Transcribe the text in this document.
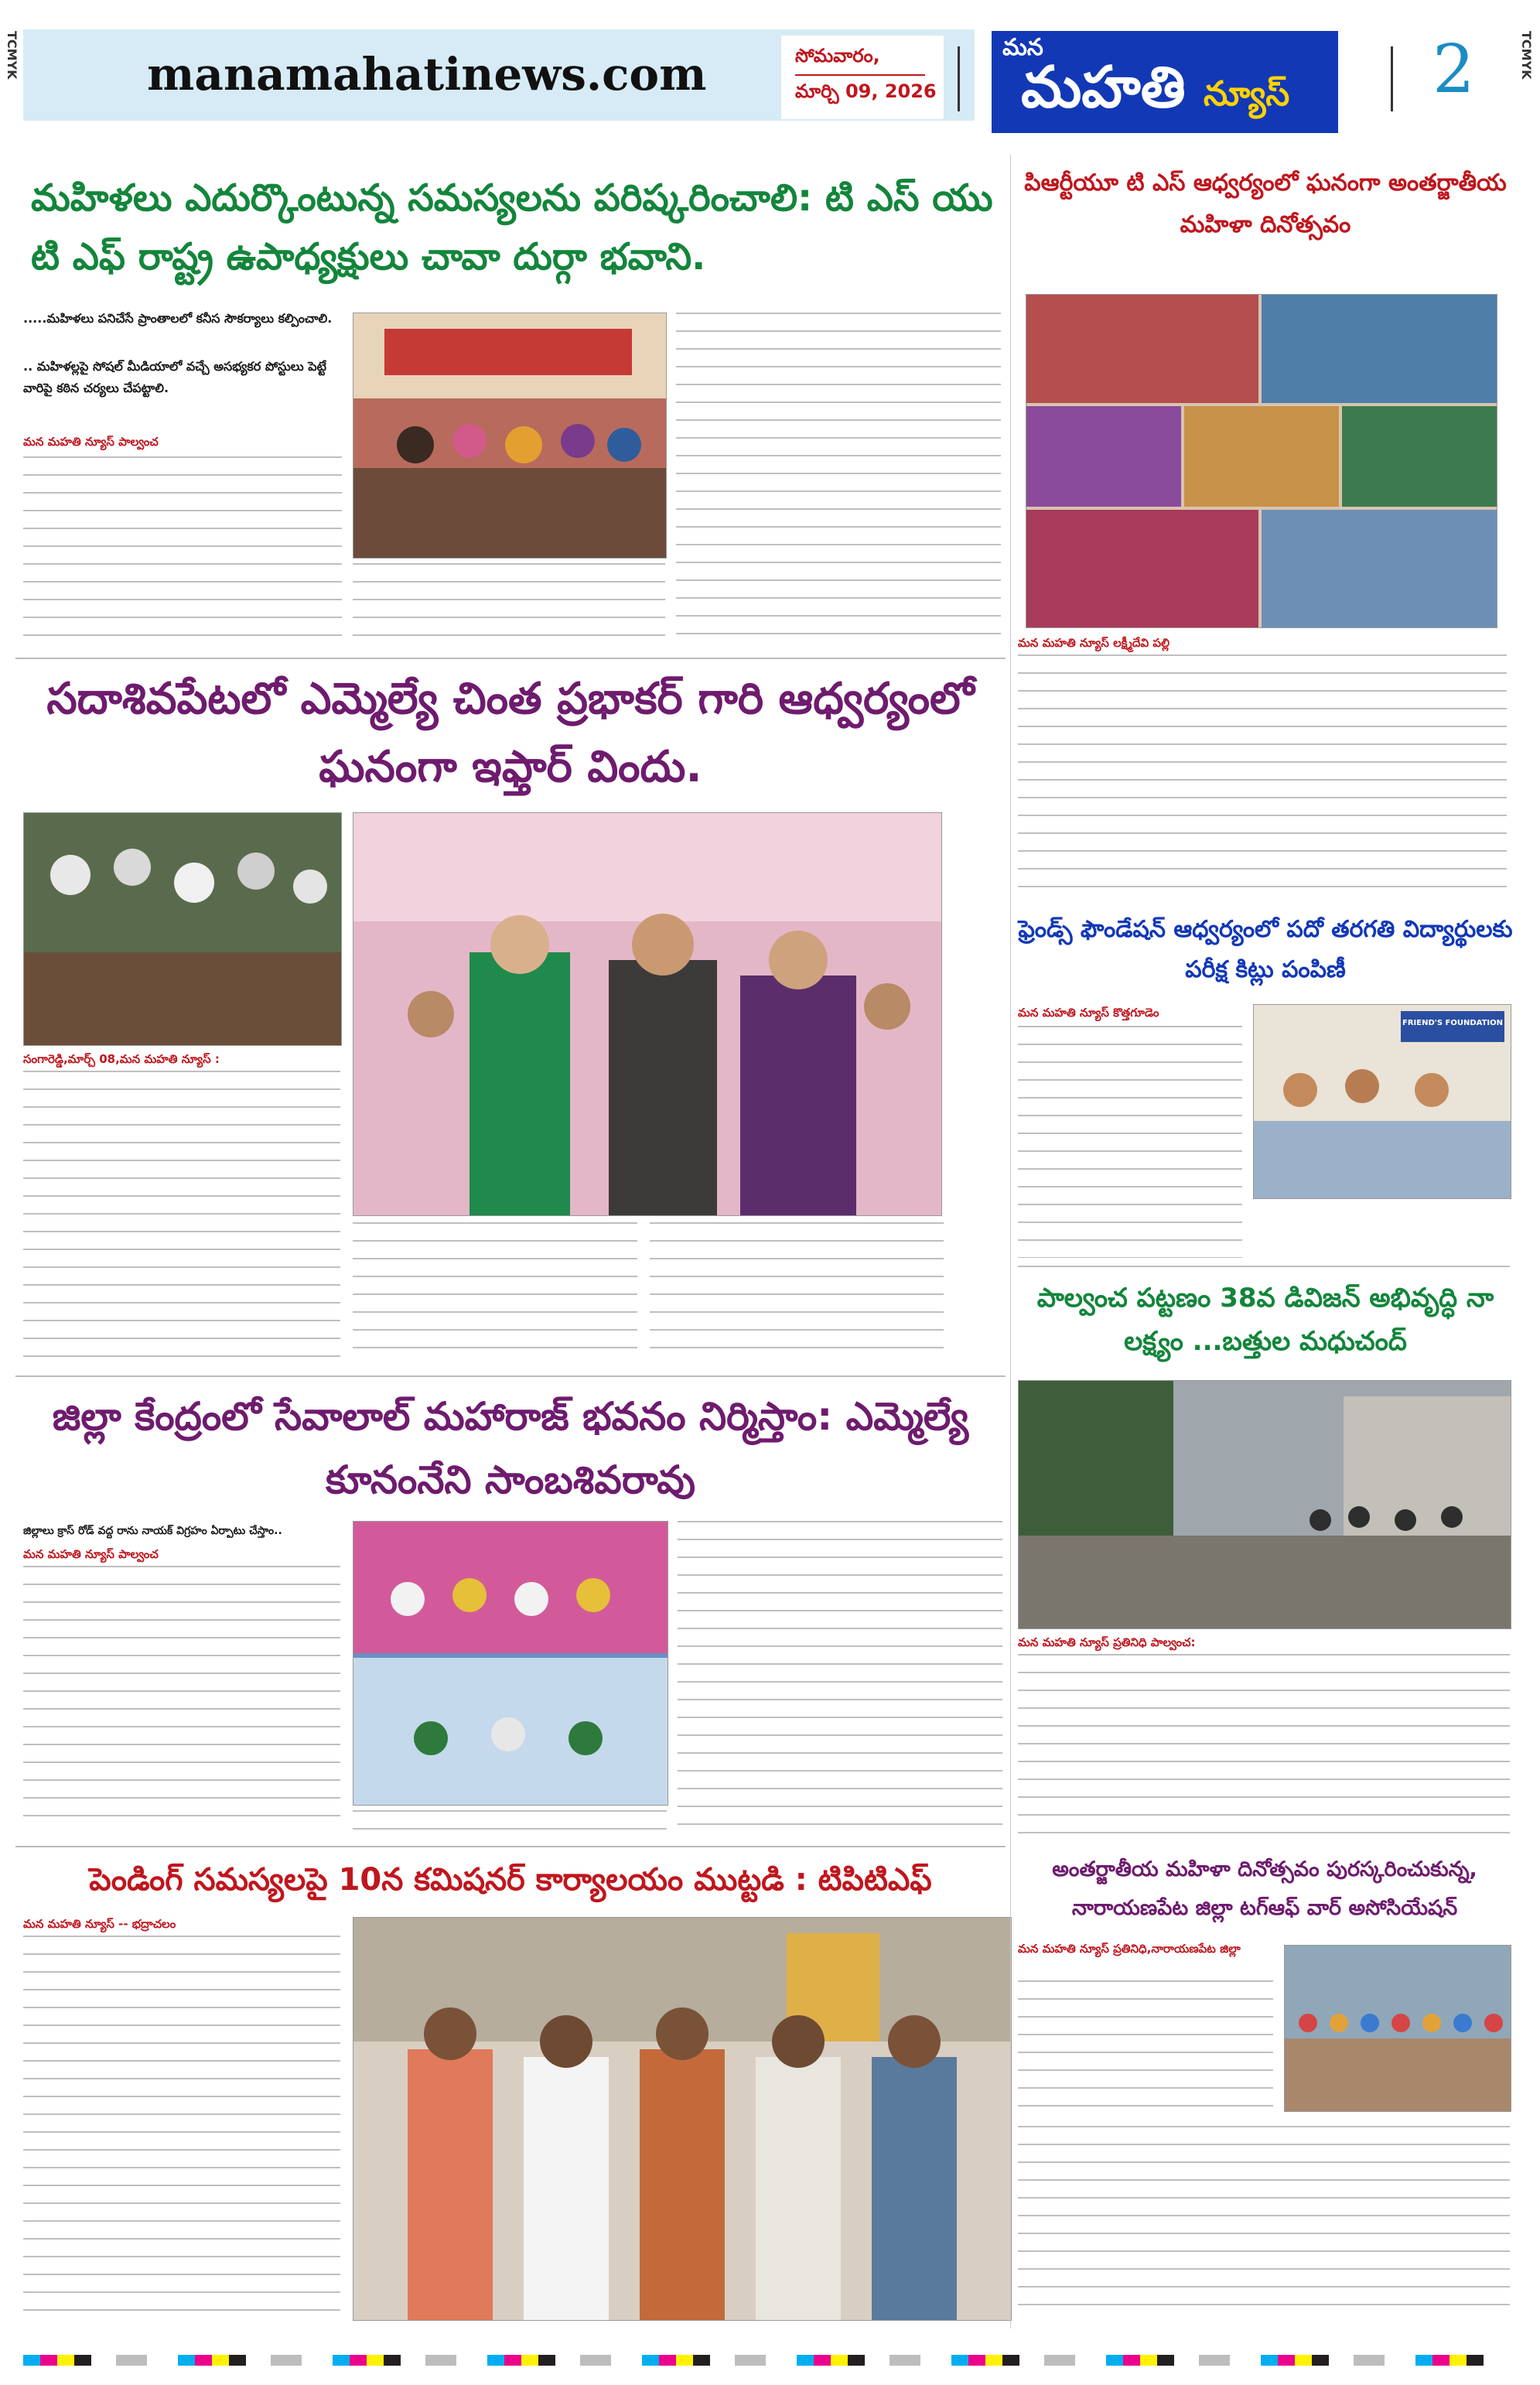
TCMYK	TCMYK
manamahatinews.com	సోమవారం,
మార్చి 09, 2026
మన
మహతి న్యూస్ 2
మహిళలు ఎదుర్కొంటున్న సమస్యలను పరిష్కరించాలి: టి ఎస్ యు టి ఎఫ్ రాష్ట్ర ఉపాధ్యక్షులు చావా దుర్గా భవాని.
.....మహిళలు పనిచేసే ప్రాంతాలలో కనీస సౌకర్యాలు కల్పించాలి.
.. మహిళల్లపై సోషల్ మీడియాలో వచ్చే అసభ్యకర పోస్టులు పెట్టే వారిపై కఠిన చర్యలు చేపట్టాలి.
మన మహతి న్యూస్ పాల్వంచ
పిఆర్టీయూ టి ఎస్ ఆధ్వర్యంలో ఘనంగా అంతర్జాతీయ మహిళా దినోత్సవం
మన మహతి న్యూస్ లక్ష్మీదేవి పల్లి
సదాశివపేటలో ఎమ్మెల్యే చింత ప్రభాకర్ గారి ఆధ్వర్యంలో ఘనంగా ఇఫ్తార్ విందు.
సంగారెడ్డి,మార్చ్ 08,మన మహతి న్యూస్ :
ఫ్రెండ్స్ ఫౌండేషన్ ఆధ్వర్యంలో పదో తరగతి విద్యార్థులకు పరీక్ష కిట్లు పంపిణీ
మన మహతి న్యూస్ కొత్తగూడెం
FRIEND'S FOUNDATION
పాల్వంచ పట్టణం 38వ డివిజన్ అభివృద్ధి నా లక్ష్యం ...బత్తుల మధుచంద్
మన మహతి న్యూస్ ప్రతినిధి పాల్వంచ:
జిల్లా కేంద్రంలో సేవాలాల్ మహారాజ్ భవనం నిర్మిస్తాం: ఎమ్మెల్యే కూనంనేని సాంబశివరావు
జిల్లాలు క్రాస్ రోడ్ వద్ద రాను నాయక్ విగ్రహం ఏర్పాటు చేస్తాం..
మన మహతి న్యూస్ పాల్వంచ
అంతర్జాతీయ మహిళా దినోత్సవం పురస్కరించుకున్న, నారాయణపేట జిల్లా టగ్ఆఫ్ వార్ అసోసియేషన్
మన మహతి న్యూస్ ప్రతినిధి,నారాయణపేట జిల్లా
పెండింగ్ సమస్యలపై 10న కమిషనర్ కార్యాలయం ముట్టడి : టిపిటిఎఫ్
మన మహతి న్యూస్ -- భద్రాచలం
